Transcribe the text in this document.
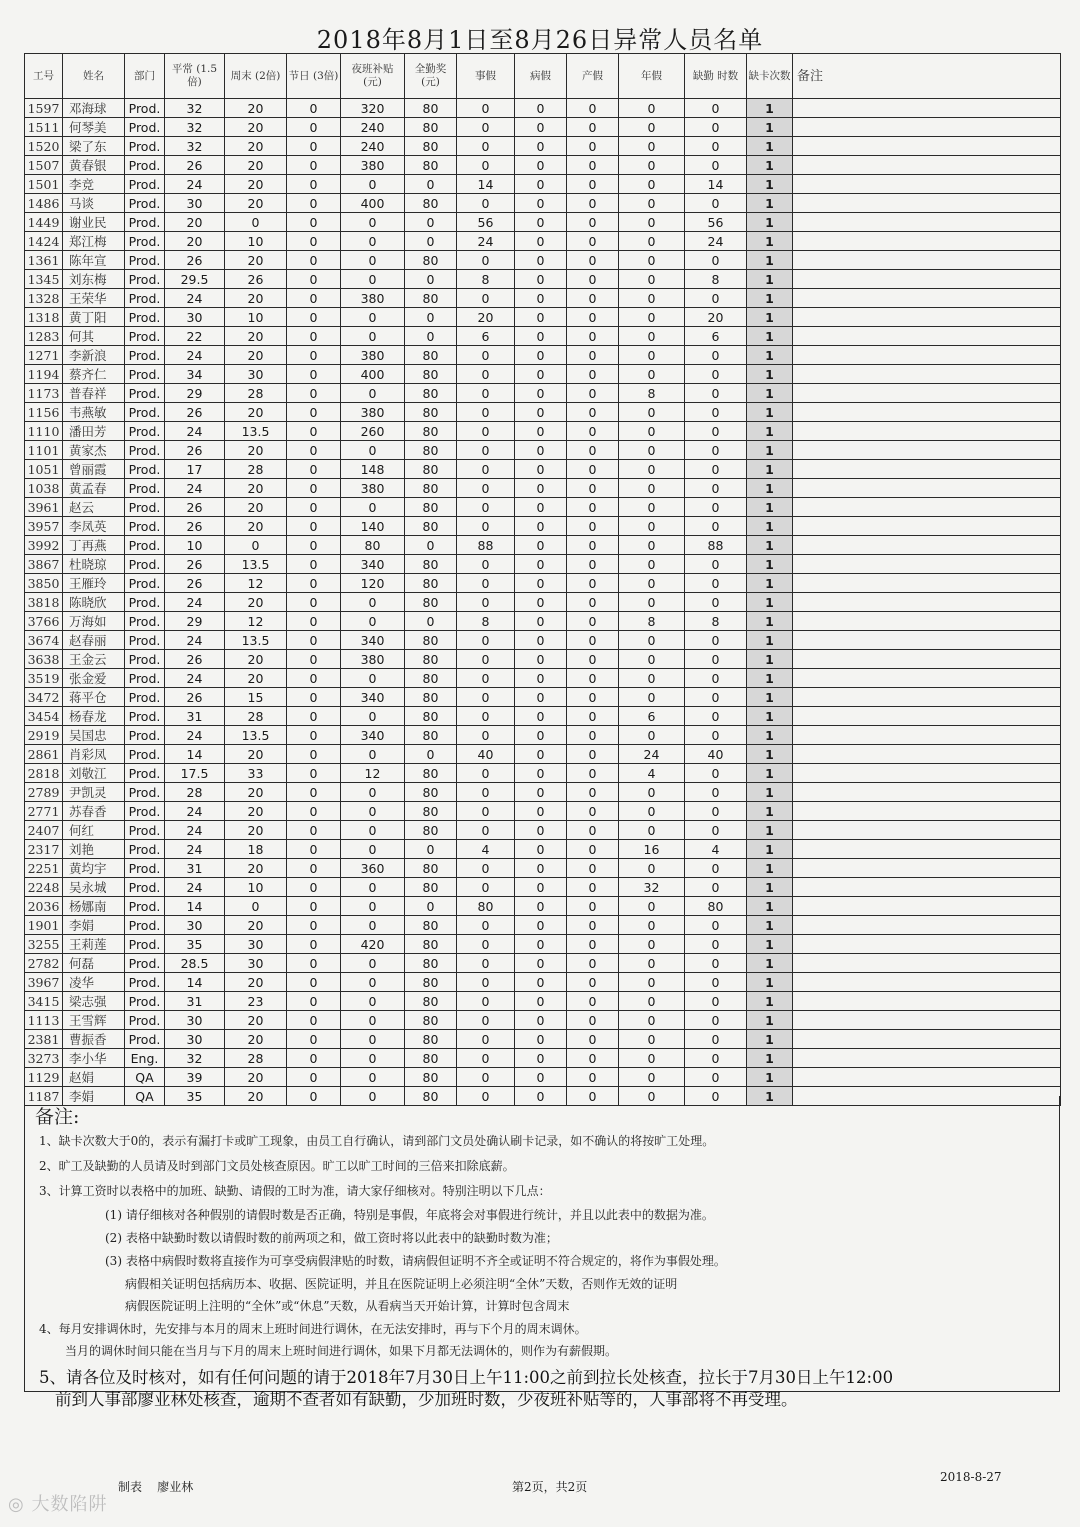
2018年8月1日至8月26日异常人员名单
工号	姓名	部门	平常 (1.5倍)	周末 (2倍)	节日 (3倍)	夜班补贴 (元)	全勤奖 (元)	事假	病假	产假	年假	缺勤 时数	缺卡次数	备注
1597	邓海球	Prod.	32	20	0	320	80	0	0	0	0	0	1	
1511	何琴美	Prod.	32	20	0	240	80	0	0	0	0	0	1	
1520	梁了东	Prod.	32	20	0	240	80	0	0	0	0	0	1	
1507	黄春银	Prod.	26	20	0	380	80	0	0	0	0	0	1	
1501	李竞	Prod.	24	20	0	0	0	14	0	0	0	14	1	
1486	马谈	Prod.	30	20	0	400	80	0	0	0	0	0	1	
1449	谢业民	Prod.	20	0	0	0	0	56	0	0	0	56	1	
1424	郑江梅	Prod.	20	10	0	0	0	24	0	0	0	24	1	
1361	陈年宣	Prod.	26	20	0	0	80	0	0	0	0	0	1	
1345	刘东梅	Prod.	29.5	26	0	0	0	8	0	0	0	8	1	
1328	王荣华	Prod.	24	20	0	380	80	0	0	0	0	0	1	
1318	黄丁阳	Prod.	30	10	0	0	0	20	0	0	0	20	1	
1283	何其	Prod.	22	20	0	0	0	6	0	0	0	6	1	
1271	李新浪	Prod.	24	20	0	380	80	0	0	0	0	0	1	
1194	蔡齐仁	Prod.	34	30	0	400	80	0	0	0	0	0	1	
1173	普春祥	Prod.	29	28	0	0	80	0	0	0	8	0	1	
1156	韦燕敏	Prod.	26	20	0	380	80	0	0	0	0	0	1	
1110	潘田芳	Prod.	24	13.5	0	260	80	0	0	0	0	0	1	
1101	黄家杰	Prod.	26	20	0	0	80	0	0	0	0	0	1	
1051	曾丽霞	Prod.	17	28	0	148	80	0	0	0	0	0	1	
1038	黄孟春	Prod.	24	20	0	380	80	0	0	0	0	0	1	
3961	赵云	Prod.	26	20	0	0	80	0	0	0	0	0	1	
3957	李凤英	Prod.	26	20	0	140	80	0	0	0	0	0	1	
3992	丁再燕	Prod.	10	0	0	80	0	88	0	0	0	88	1	
3867	杜晓琼	Prod.	26	13.5	0	340	80	0	0	0	0	0	1	
3850	王雁玲	Prod.	26	12	0	120	80	0	0	0	0	0	1	
3818	陈晓欣	Prod.	24	20	0	0	80	0	0	0	0	0	1	
3766	万海如	Prod.	29	12	0	0	0	8	0	0	8	8	1	
3674	赵春丽	Prod.	24	13.5	0	340	80	0	0	0	0	0	1	
3638	王金云	Prod.	26	20	0	380	80	0	0	0	0	0	1	
3519	张金爱	Prod.	24	20	0	0	80	0	0	0	0	0	1	
3472	蒋平仓	Prod.	26	15	0	340	80	0	0	0	0	0	1	
3454	杨春龙	Prod.	31	28	0	0	80	0	0	0	6	0	1	
2919	吴国忠	Prod.	24	13.5	0	340	80	0	0	0	0	0	1	
2861	肖彩凤	Prod.	14	20	0	0	0	40	0	0	24	40	1	
2818	刘敬江	Prod.	17.5	33	0	12	80	0	0	0	4	0	1	
2789	尹凯灵	Prod.	28	20	0	0	80	0	0	0	0	0	1	
2771	苏春香	Prod.	24	20	0	0	80	0	0	0	0	0	1	
2407	何红	Prod.	24	20	0	0	80	0	0	0	0	0	1	
2317	刘艳	Prod.	24	18	0	0	0	4	0	0	16	4	1	
2251	黄均宇	Prod.	31	20	0	360	80	0	0	0	0	0	1	
2248	吴永城	Prod.	24	10	0	0	80	0	0	0	32	0	1	
2036	杨娜南	Prod.	14	0	0	0	0	80	0	0	0	80	1	
1901	李娟	Prod.	30	20	0	0	80	0	0	0	0	0	1	
3255	王莉莲	Prod.	35	30	0	420	80	0	0	0	0	0	1	
2782	何磊	Prod.	28.5	30	0	0	80	0	0	0	0	0	1	
3967	凌华	Prod.	14	20	0	0	80	0	0	0	0	0	1	
3415	梁志强	Prod.	31	23	0	0	80	0	0	0	0	0	1	
1113	王雪辉	Prod.	30	20	0	0	80	0	0	0	0	0	1	
2381	曹振香	Prod.	30	20	0	0	80	0	0	0	0	0	1	
3273	李小华	Eng.	32	28	0	0	80	0	0	0	0	0	1	
1129	赵娟	QA	39	20	0	0	80	0	0	0	0	0	1	
1187	李娟	QA	35	20	0	0	80	0	0	0	0	0	1	
备注:
1、缺卡次数大于0的，表示有漏打卡或旷工现象，由员工自行确认，请到部门文员处确认刷卡记录，如不确认的将按旷工处理。
2、旷工及缺勤的人员请及时到部门文员处核查原因。旷工以旷工时间的三倍来扣除底薪。
3、计算工资时以表格中的加班、缺勤、请假的工时为准，请大家仔细核对。特别注明以下几点：
(1) 请仔细核对各种假别的请假时数是否正确，特别是事假，年底将会对事假进行统计，并且以此表中的数据为准。
(2) 表格中缺勤时数以请假时数的前两项之和，做工资时将以此表中的缺勤时数为准；
(3) 表格中病假时数将直接作为可享受病假津贴的时数，请病假但证明不齐全或证明不符合规定的，将作为事假处理。
病假相关证明包括病历本、收据、医院证明，并且在医院证明上必须注明“全休”天数，否则作无效的证明
病假医院证明上注明的“全休”或“休息”天数，从看病当天开始计算，计算时包含周末
4、每月安排调休时，先安排与本月的周末上班时间进行调休，在无法安排时，再与下个月的周末调休。
当月的调休时间只能在当月与下月的周末上班时间进行调休，如果下月都无法调休的，则作为有薪假期。
5、请各位及时核对，如有任何问题的请于2018年7月30日上午11:00之前到拉长处核查，拉长于7月30日上午12:00
前到人事部廖业林处核查，逾期不查者如有缺勤，少加班时数，少夜班补贴等的，人事部将不再受理。
制表 廖业林	第2页，共2页
2018-8-27
◎ 大数陷阱
